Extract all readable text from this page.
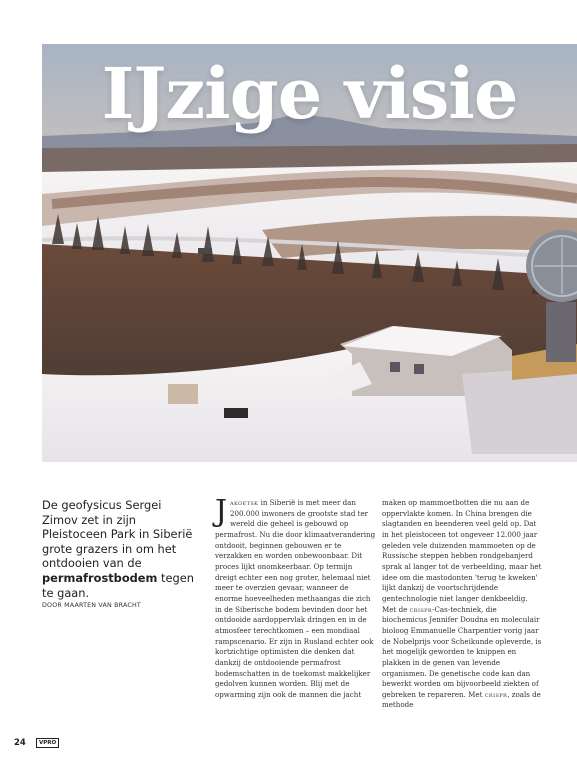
IJzige visie
De geofysicus Sergei Zimov zet in zijn Pleistoceen Park in Siberië grote grazers in om het ontdooien van de permafrostbodem tegen te gaan.
DOOR MAARTEN VAN BRACHT

Jakoetsk in Siberië is met meer dan 200.000 inwoners de grootste stad ter wereld die geheel is gebouwd op permafrost. Nu die door klimaatverandering ontdooit, beginnen gebouwen er te verzakken en worden onbewoonbaar. Dit proces lijkt onomkeerbaar. Op termijn dreigt echter een nog groter, helemaal niet meer te overzien gevaar, wanneer de enorme hoeveelheden methaangas die zich in de Siberische bodem bevinden door het ontdooide aardoppervlak dringen en in de atmosfeer terechtkomen – een mondiaal rampscenario. Er zijn in Rusland echter ook kortzichtige optimisten die denken dat dankzij de ontdooiende permafrost bodemschatten in de toekomst makkelijker gedolven kunnen worden. Blij met de opwarming zijn ook de mannen die jacht

maken op mammoetbotten die nu aan de oppervlakte komen. In China brengen die slagtanden en beenderen veel geld op. Dat in het pleistoceen tot ongeveer 12.000 jaar geleden vele duizenden mammoeten op de Russische steppen hebben rondgebanjerd sprak al langer tot de verbeelding, maar het idee om die mastodonten 'terug te kweken' lijkt dankzij de voortschrijdende gentechnologie niet langer denkbeeldig. Met de crispr-Cas-techniek, die biochemicus Jennifer Doudna en moleculair bioloog Emmanuelle Charpentier vorig jaar de Nobelprijs voor Scheikunde opleverde, is het mogelijk geworden te knippen en plakken in de genen van levende organismen. De genetische code kan dan bewerkt worden om bijvoorbeeld ziekten of gebreken te repareren. Met crispr, zoals de methode

24	VPRO
